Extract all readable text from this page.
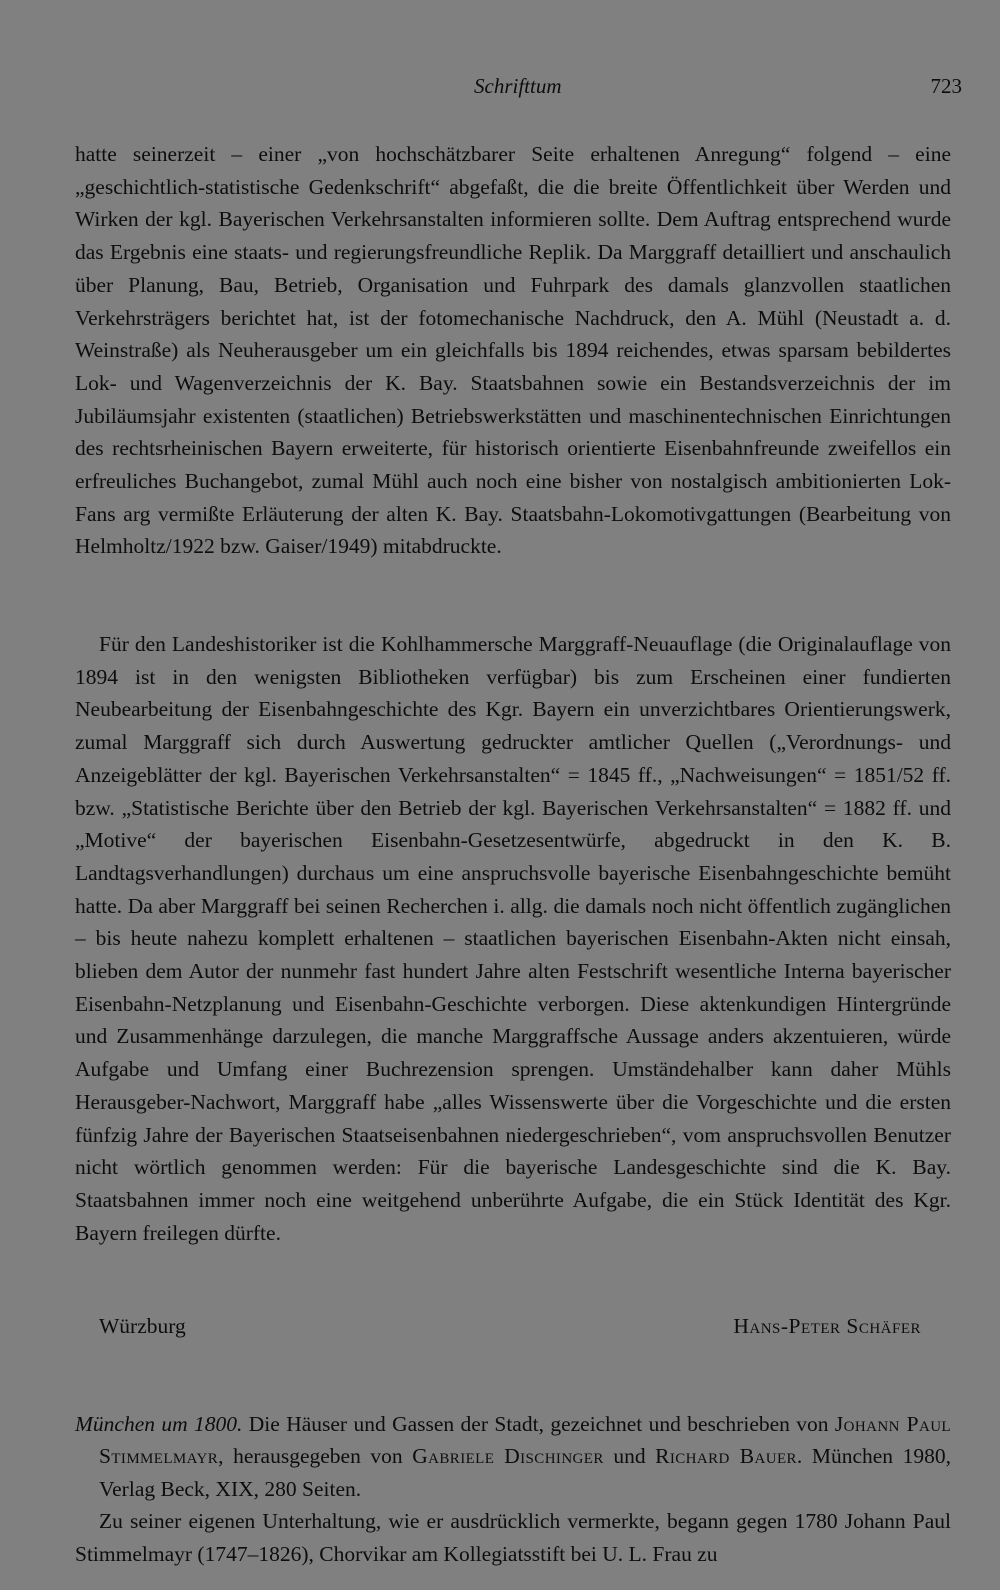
Schrifttum	723

hatte seinerzeit – einer „von hochschätzbarer Seite erhaltenen Anregung“ folgend – eine „geschichtlich-statistische Gedenkschrift“ abgefaßt, die die breite Öffentlichkeit über Werden und Wirken der kgl. Bayerischen Verkehrsanstalten informieren sollte. Dem Auftrag entsprechend wurde das Ergebnis eine staats- und regierungsfreundliche Replik. Da Marggraff detailliert und anschaulich über Planung, Bau, Betrieb, Organisation und Fuhrpark des damals glanzvollen staatlichen Verkehrsträgers berichtet hat, ist der fotomechanische Nachdruck, den A. Mühl (Neustadt a. d. Weinstraße) als Neuherausgeber um ein gleichfalls bis 1894 reichendes, etwas sparsam bebildertes Lok- und Wagenverzeichnis der K. Bay. Staatsbahnen sowie ein Bestandsverzeichnis der im Jubiläumsjahr existenten (staatlichen) Betriebswerkstätten und maschinentechnischen Einrichtungen des rechtsrheinischen Bayern erweiterte, für historisch orientierte Eisenbahnfreunde zweifellos ein erfreuliches Buchangebot, zumal Mühl auch noch eine bisher von nostalgisch ambitionierten Lok-Fans arg vermißte Erläuterung der alten K. Bay. Staatsbahn-Lokomotivgattungen (Bearbeitung von Helmholtz/1922 bzw. Gaiser/1949) mitabdruckte.

Für den Landeshistoriker ist die Kohlhammersche Marggraff-Neuauflage (die Originalauflage von 1894 ist in den wenigsten Bibliotheken verfügbar) bis zum Erscheinen einer fundierten Neubearbeitung der Eisenbahngeschichte des Kgr. Bayern ein unverzichtbares Orientierungswerk, zumal Marggraff sich durch Auswertung gedruckter amtlicher Quellen („Verordnungs- und Anzeigeblätter der kgl. Bayerischen Verkehrsanstalten“ = 1845 ff., „Nachweisungen“ = 1851/52 ff. bzw. „Statistische Berichte über den Betrieb der kgl. Bayerischen Verkehrsanstalten“ = 1882 ff. und „Motive“ der bayerischen Eisenbahn-Gesetzesentwürfe, abgedruckt in den K. B. Landtagsverhandlungen) durchaus um eine anspruchsvolle bayerische Eisenbahngeschichte bemüht hatte. Da aber Marggraff bei seinen Recherchen i. allg. die damals noch nicht öffentlich zugänglichen – bis heute nahezu komplett erhaltenen – staatlichen bayerischen Eisenbahn-Akten nicht einsah, blieben dem Autor der nunmehr fast hundert Jahre alten Festschrift wesentliche Interna bayerischer Eisenbahn-Netzplanung und Eisenbahn-Geschichte verborgen. Diese aktenkundigen Hintergründe und Zusammenhänge darzulegen, die manche Marggraffsche Aussage anders akzentuieren, würde Aufgabe und Umfang einer Buchrezension sprengen. Umständehalber kann daher Mühls Herausgeber-Nachwort, Marggraff habe „alles Wissenswerte über die Vorgeschichte und die ersten fünfzig Jahre der Bayerischen Staatseisenbahnen niedergeschrieben“, vom anspruchsvollen Benutzer nicht wörtlich genommen werden: Für die bayerische Landesgeschichte sind die K. Bay. Staatsbahnen immer noch eine weitgehend unberührte Aufgabe, die ein Stück Identität des Kgr. Bayern freilegen dürfte.

Würzburg	Hans-Peter Schäfer
München um 1800. Die Häuser und Gassen der Stadt, gezeichnet und beschrieben von Johann Paul Stimmelmayr, herausgegeben von Gabriele Dischinger und Richard Bauer. München 1980, Verlag Beck, XIX, 280 Seiten.

Zu seiner eigenen Unterhaltung, wie er ausdrücklich vermerkte, begann gegen 1780 Johann Paul Stimmelmayr (1747–1826), Chorvikar am Kollegiatsstift bei U. L. Frau zu
